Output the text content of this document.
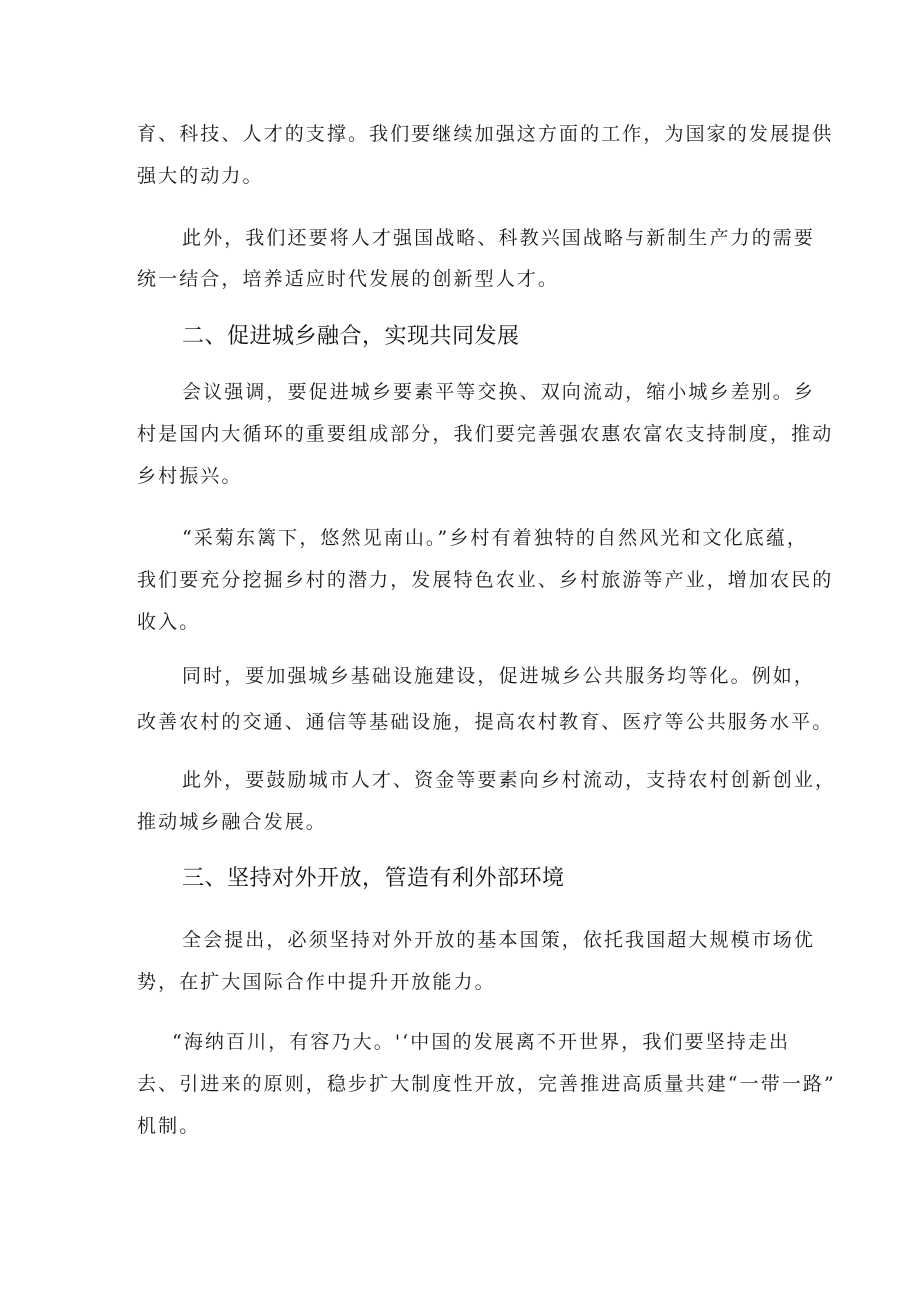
育、科技、人才的支撑。我们要继续加强这方面的工作，为国家的发展提供
强大的动力。
此外，我们还要将人才强国战略、科教兴国战略与新制生产力的需要
统一结合，培养适应时代发展的创新型人才。
二、促进城乡融合，实现共同发展
会议强调，要促进城乡要素平等交换、双向流动，缩小城乡差别。乡
村是国内大循环的重要组成部分，我们要完善强农惠农富农支持制度，推动
乡村振兴。
“采菊东篱下，悠然见南山。”乡村有着独特的自然风光和文化底蕴，
我们要充分挖掘乡村的潜力，发展特色农业、乡村旅游等产业，增加农民的
收入。
同时，要加强城乡基础设施建设，促进城乡公共服务均等化。例如，
改善农村的交通、通信等基础设施，提高农村教育、医疗等公共服务水平。
此外，要鼓励城市人才、资金等要素向乡村流动，支持农村创新创业，
推动城乡融合发展。
三、坚持对外开放，管造有利外部环境
全会提出，必须坚持对外开放的基本国策，依托我国超大规模市场优
势，在扩大国际合作中提升开放能力。
“海纳百川，有容乃大。'‘中国的发展离不开世界，我们要坚持走出
去、引进来的原则，稳步扩大制度性开放，完善推进高质量共建“一带一路”
机制。
